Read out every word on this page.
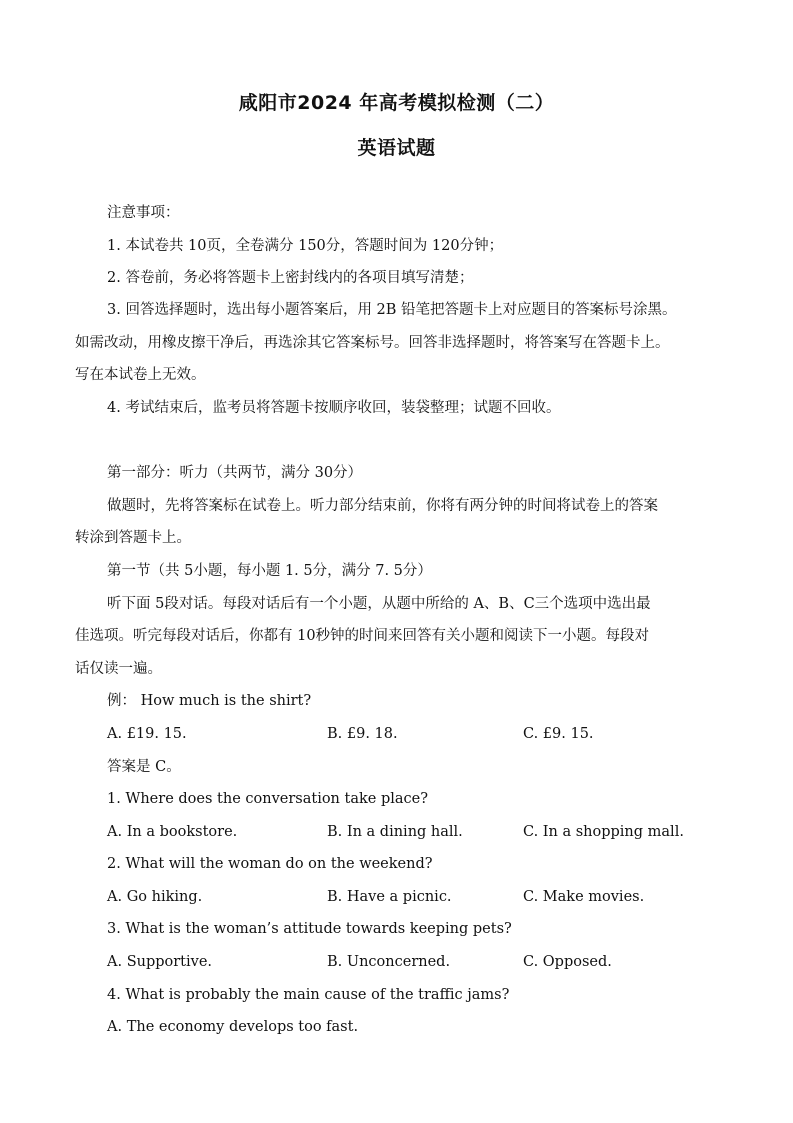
咸阳市2024 年高考模拟检测（二）
英语试题
注意事项：
1. 本试卷共 10页，全卷满分 150分，答题时间为 120分钟；
2. 答卷前，务必将答题卡上密封线内的各项目填写清楚；
3. 回答选择题时，选出每小题答案后，用 2B 铅笔把答题卡上对应题目的答案标号涂黑。
如需改动，用橡皮擦干净后，再选涂其它答案标号。回答非选择题时，将答案写在答题卡上。
写在本试卷上无效。
4. 考试结束后，监考员将答题卡按顺序收回，装袋整理；试题不回收。
第一部分：听力（共两节，满分 30分）
做题时，先将答案标在试卷上。听力部分结束前，你将有两分钟的时间将试卷上的答案
转涂到答题卡上。
第一节（共 5小题，每小题 1. 5分，满分 7. 5分）
听下面 5段对话。每段对话后有一个小题，从题中所给的 A、B、C三个选项中选出最
佳选项。听完每段对话后，你都有 10秒钟的时间来回答有关小题和阅读下一小题。每段对
话仅读一遍。
例： How much is the shirt?
A. £19. 15.	B. £9. 18.	C. £9. 15.
答案是 C。
1. Where does the conversation take place?
A. In a bookstore.	B. In a dining hall.	C. In a shopping mall.
2. What will the woman do on the weekend?
A. Go hiking.	B. Have a picnic.	C. Make movies.
3. What is the woman’s attitude towards keeping pets?
A. Supportive.	B. Unconcerned.	C. Opposed.
4. What is probably the main cause of the traffic jams?
A. The economy develops too fast.
